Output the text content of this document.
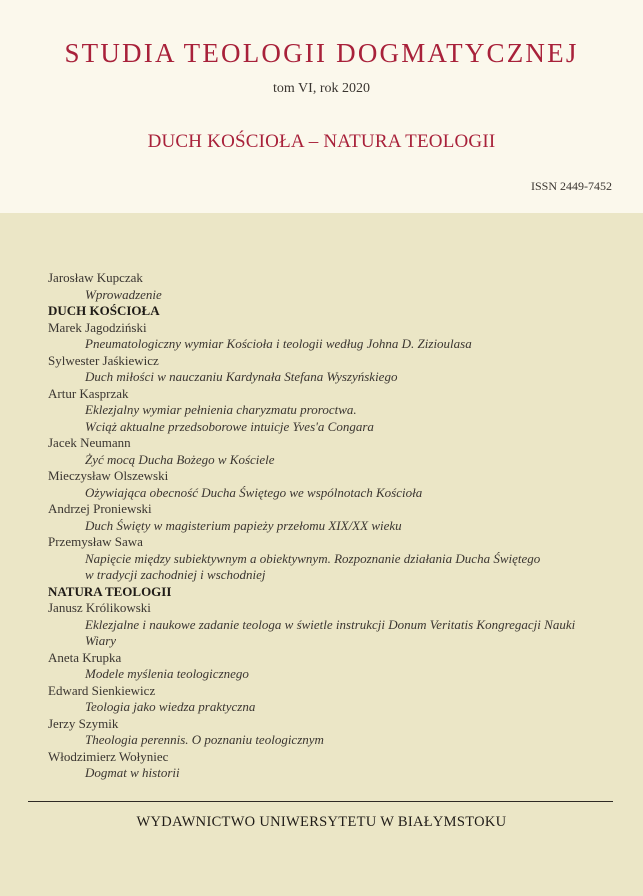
STUDIA TEOLOGII DOGMATYCZNEJ
tom VI, rok 2020
DUCH KOŚCIOŁA – NATURA TEOLOGII
ISSN 2449-7452
Jarosław Kupczak
Wprowadzenie
DUCH KOŚCIOŁA
Marek Jagodziński
Pneumatologiczny wymiar Kościoła i teologii według Johna D. Zizioulasa
Sylwester Jaśkiewicz
Duch miłości w nauczaniu Kardynała Stefana Wyszyńskiego
Artur Kasprzak
Eklezjalny wymiar pełnienia charyzmatu proroctwa.
Wciąż aktualne przedsoborowe intuicje Yves'a Congara
Jacek Neumann
Żyć mocą Ducha Bożego w Kościele
Mieczysław Olszewski
Ożywiająca obecność Ducha Świętego we wspólnotach Kościoła
Andrzej Proniewski
Duch Święty w magisterium papieży przełomu XIX/XX wieku
Przemysław Sawa
Napięcie między subiektywnym a obiektywnym. Rozpoznanie działania Ducha Świętego
w tradycji zachodniej i wschodniej
NATURA TEOLOGII
Janusz Królikowski
Eklezjalne i naukowe zadanie teologa w świetle instrukcji Donum Veritatis Kongregacji Nauki
Wiary
Aneta Krupka
Modele myślenia teologicznego
Edward Sienkiewicz
Teologia jako wiedza praktyczna
Jerzy Szymik
Theologia perennis. O poznaniu teologicznym
Włodzimierz Wołyniec
Dogmat w historii
WYDAWNICTWO UNIWERSYTETU W BIAŁYMSTOKU
